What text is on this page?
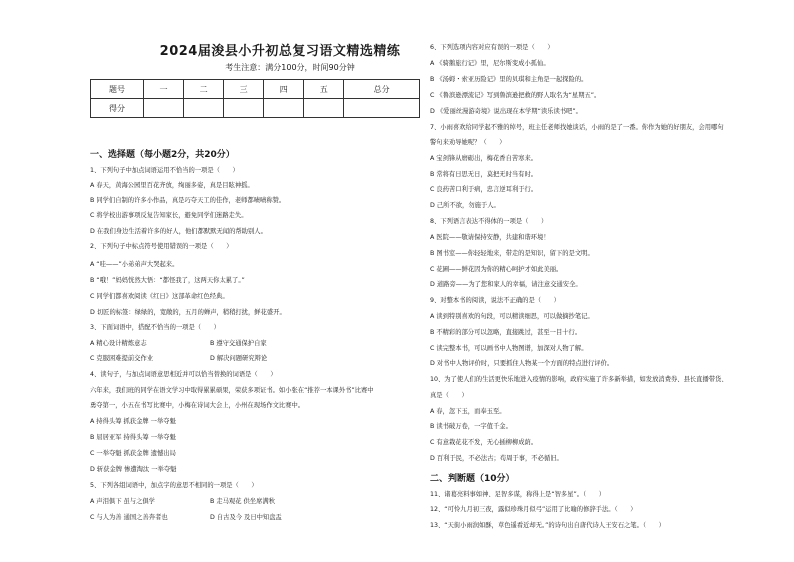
2024届浚县小升初总复习语文精选精练
考生注意：满分100分，时间90分钟
题号	一	二	三	四	五	总分
得分						
一、选择题（每小题2分，共20分）
1、下列句子中加点词语运用不恰当的一项是（　　）
A 春天，黄海公园里百花齐放，绚丽多姿，真是目眩神摇。
B 同学们自制的许多小作品，真是巧夺天工的佳作，老师都啧啧称赞。
C 将学校出游事项反复告知家长，避免同学们迷路走失。
D 在我们身边生活着许多的好人，他们都默默无闻的帮助别人。
2、下列句子中标点符号使用错误的一项是（　　）
A “哇——”小弟弟声大哭起来。
B “哦！”妈妈恍然大悟：“都怪我了，这两天你太累了。”
C 同学们都喜欢阅读《红日》这部革命红色经典。
D 切匠的标签：绿绿的，宽敞的，五月的蝉声，稍稍打扰，鲜花盛开。
3、下面词语中，搭配不恰当的一项是（　　）
A 精心设计精炼意志	B 遵守交通保护自家
C 克服困难提前交作业	D 解决问题研究辩论
4、读句子，与加点词语意思相近并可以恰当替换的词语是（　　）
六年来，我们班的同学在语文学习中取得累累硕果，荣获多项证书。如小张在“推荐一本课外书”比赛中
勇夺第一，小五在书写比赛中，小梅在诗词大会上，小州在现场作文比赛中。
A 持得头筹 抓获金牌 一举夺魁
B 屈居亚军 持得头筹 一举夺魁
C 一举夺魁 抓获金牌 遗憾出局
D 斩获金牌 惨遭淘汰 一举夺魁
5、下列各组词语中，加点字的意思不相同的一项是（　　）
A 声泪俱下 虽与之俱学	B 走马观花 供坐席满秋
C 与人为善 通国之善奔者也	D 自古及今 及日中知盘盂
6、下列选项内容对应有误的一项是（　　）
A 《骑鹅旅行记》里，尼尔斯变成小孤仙。
B 《汤姆・索亚历险记》里的贝琪和主角是一起探险的。
C 《鲁滨逊漂流记》写到鲁滨逊把救的野人取名为“星期五”。
D 《爱丽丝漫游奇境》说出现在本学期“读乐读书吧”。
7、小雨喜欢给同学起不雅的绰号，班主任老师找她谈话，小雨的是了一番。你作为她的好朋友，会用哪句
警句来劝导她呢？（　　）
A 宝剑锋从磨砺出，梅花香自苦寒来。
B 常将有日思无日，莫把无时当有时。
C 良药苦口利于病，忠言逆耳利于行。
D 己所不欲，勿施于人。
8、下列语言表达不得体的一项是（　　）
A 医院——敬请保持安静，共建和谐环境！
B 图书室——你轻轻地来，带走的是知识，留下的是文明。
C 花圃——鲜花因为你的精心呵护才如此美丽。
D 道路旁——为了您和家人的幸福，请注意交通安全。
9、对整本书的阅读，说法不正确的是（　　）
A 读到特别喜欢的句段，可以精读细思，可以做摘抄笔记。
B 不精彩的部分可以忽略，直接跳过，甚至一目十行。
C 读完整本书，可以画书中人物图谱，加深对人物了解。
D 对书中人物评价时，只要抓住人物某一个方面的特点进行评价。
10、为了使人们的生活更快乐地进入疫情的影响，政府实施了许多新举措，如发放消费券、县长直播带货、
真是（　　）
A 春，忽下玉，而奉玉至。
B 读书破万卷，一字值千金。
C 有意栽花花不发，无心插柳柳成荫。
D 百利于民，不必法古；苟周于事，不必循旧。
二、判断题（10分）
11、诸葛亮料事如神、足智多谋，称得上是“智多星”。（　　）
12、“可怜九月初三夜，露似珍珠月似弓”运用了比喻的修辞手法。（　　）
13、“天街小雨润如酥，草色遥看近却无。”的诗句出自唐代诗人王安石之笔。（　　）
